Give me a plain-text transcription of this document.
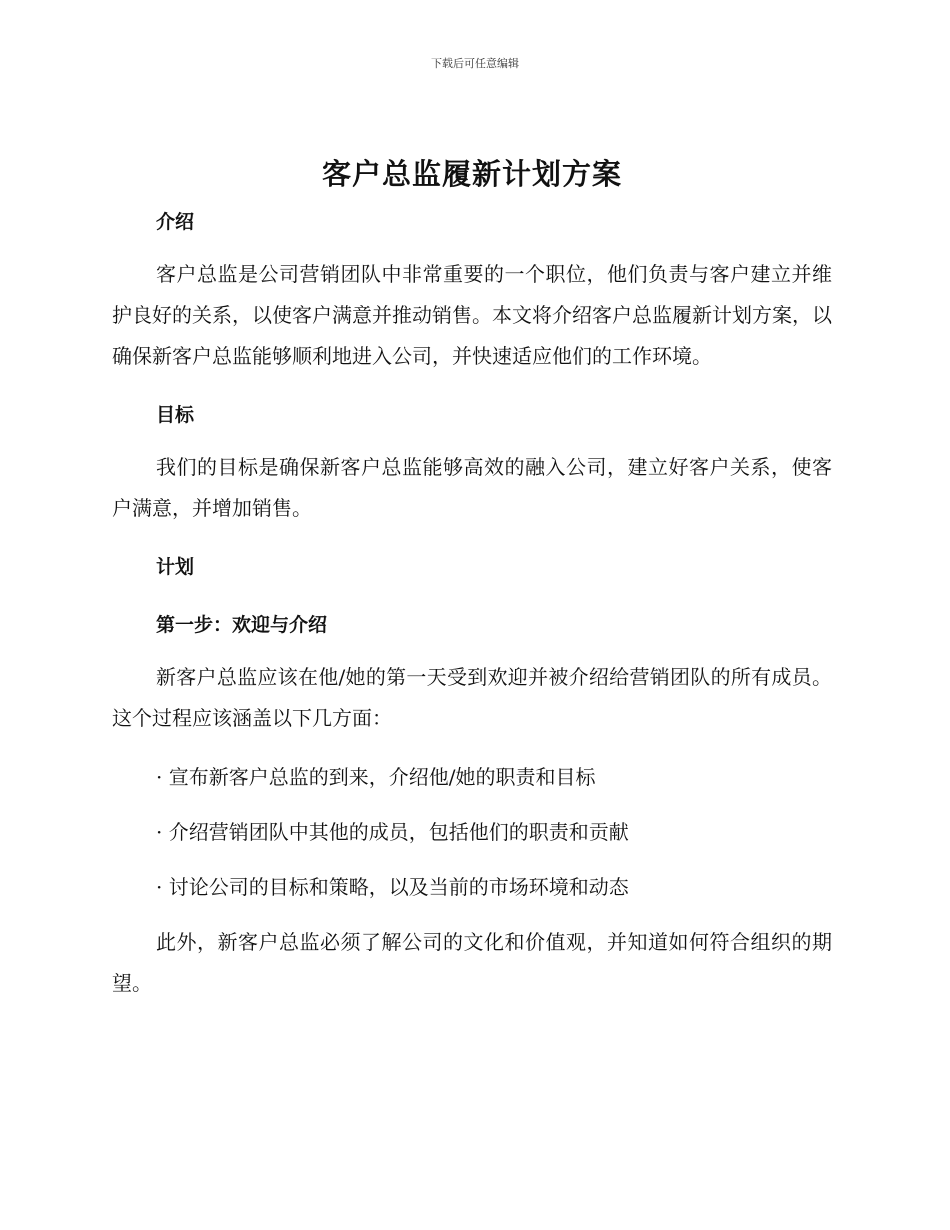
下载后可任意编辑
客户总监履新计划方案
介绍

客户总监是公司营销团队中非常重要的一个职位，他们负责与客户建立并维护良好的关系，以使客户满意并推动销售。本文将介绍客户总监履新计划方案，以确保新客户总监能够顺利地进入公司，并快速适应他们的工作环境。

目标

我们的目标是确保新客户总监能够高效的融入公司，建立好客户关系，使客户满意，并增加销售。

计划
第一步：欢迎与介绍

新客户总监应该在他/她的第一天受到欢迎并被介绍给营销团队的所有成员。这个过程应该涵盖以下几方面：

· 宣布新客户总监的到来，介绍他/她的职责和目标

· 介绍营销团队中其他的成员，包括他们的职责和贡献

· 讨论公司的目标和策略，以及当前的市场环境和动态

此外，新客户总监必须了解公司的文化和价值观，并知道如何符合组织的期望。
